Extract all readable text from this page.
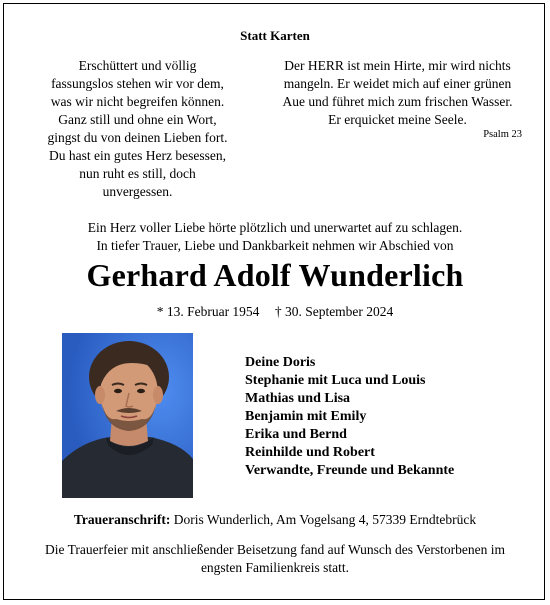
Statt Karten
Erschüttert und völlig
fassungslos stehen wir vor dem,
was wir nicht begreifen können.
Ganz still und ohne ein Wort,
gingst du von deinen Lieben fort.
Du hast ein gutes Herz besessen,
nun ruht es still, doch
unvergessen.
Der HERR ist mein Hirte, mir wird nichts
mangeln. Er weidet mich auf einer grünen
Aue und führet mich zum frischen Wasser.
Er erquicket meine Seele.
Psalm 23
Ein Herz voller Liebe hörte plötzlich und unerwartet auf zu schlagen.
In tiefer Trauer, Liebe und Dankbarkeit nehmen wir Abschied von
Gerhard Adolf Wunderlich
* 13. Februar 1954 † 30. September 2024
Deine Doris
Stephanie mit Luca und Louis
Mathias und Lisa
Benjamin mit Emily
Erika und Bernd
Reinhilde und Robert
Verwandte, Freunde und Bekannte
Traueranschrift: Doris Wunderlich, Am Vogelsang 4, 57339 Erndtebrück
Die Trauerfeier mit anschließender Beisetzung fand auf Wunsch des Verstorbenen im
engsten Familienkreis statt.
